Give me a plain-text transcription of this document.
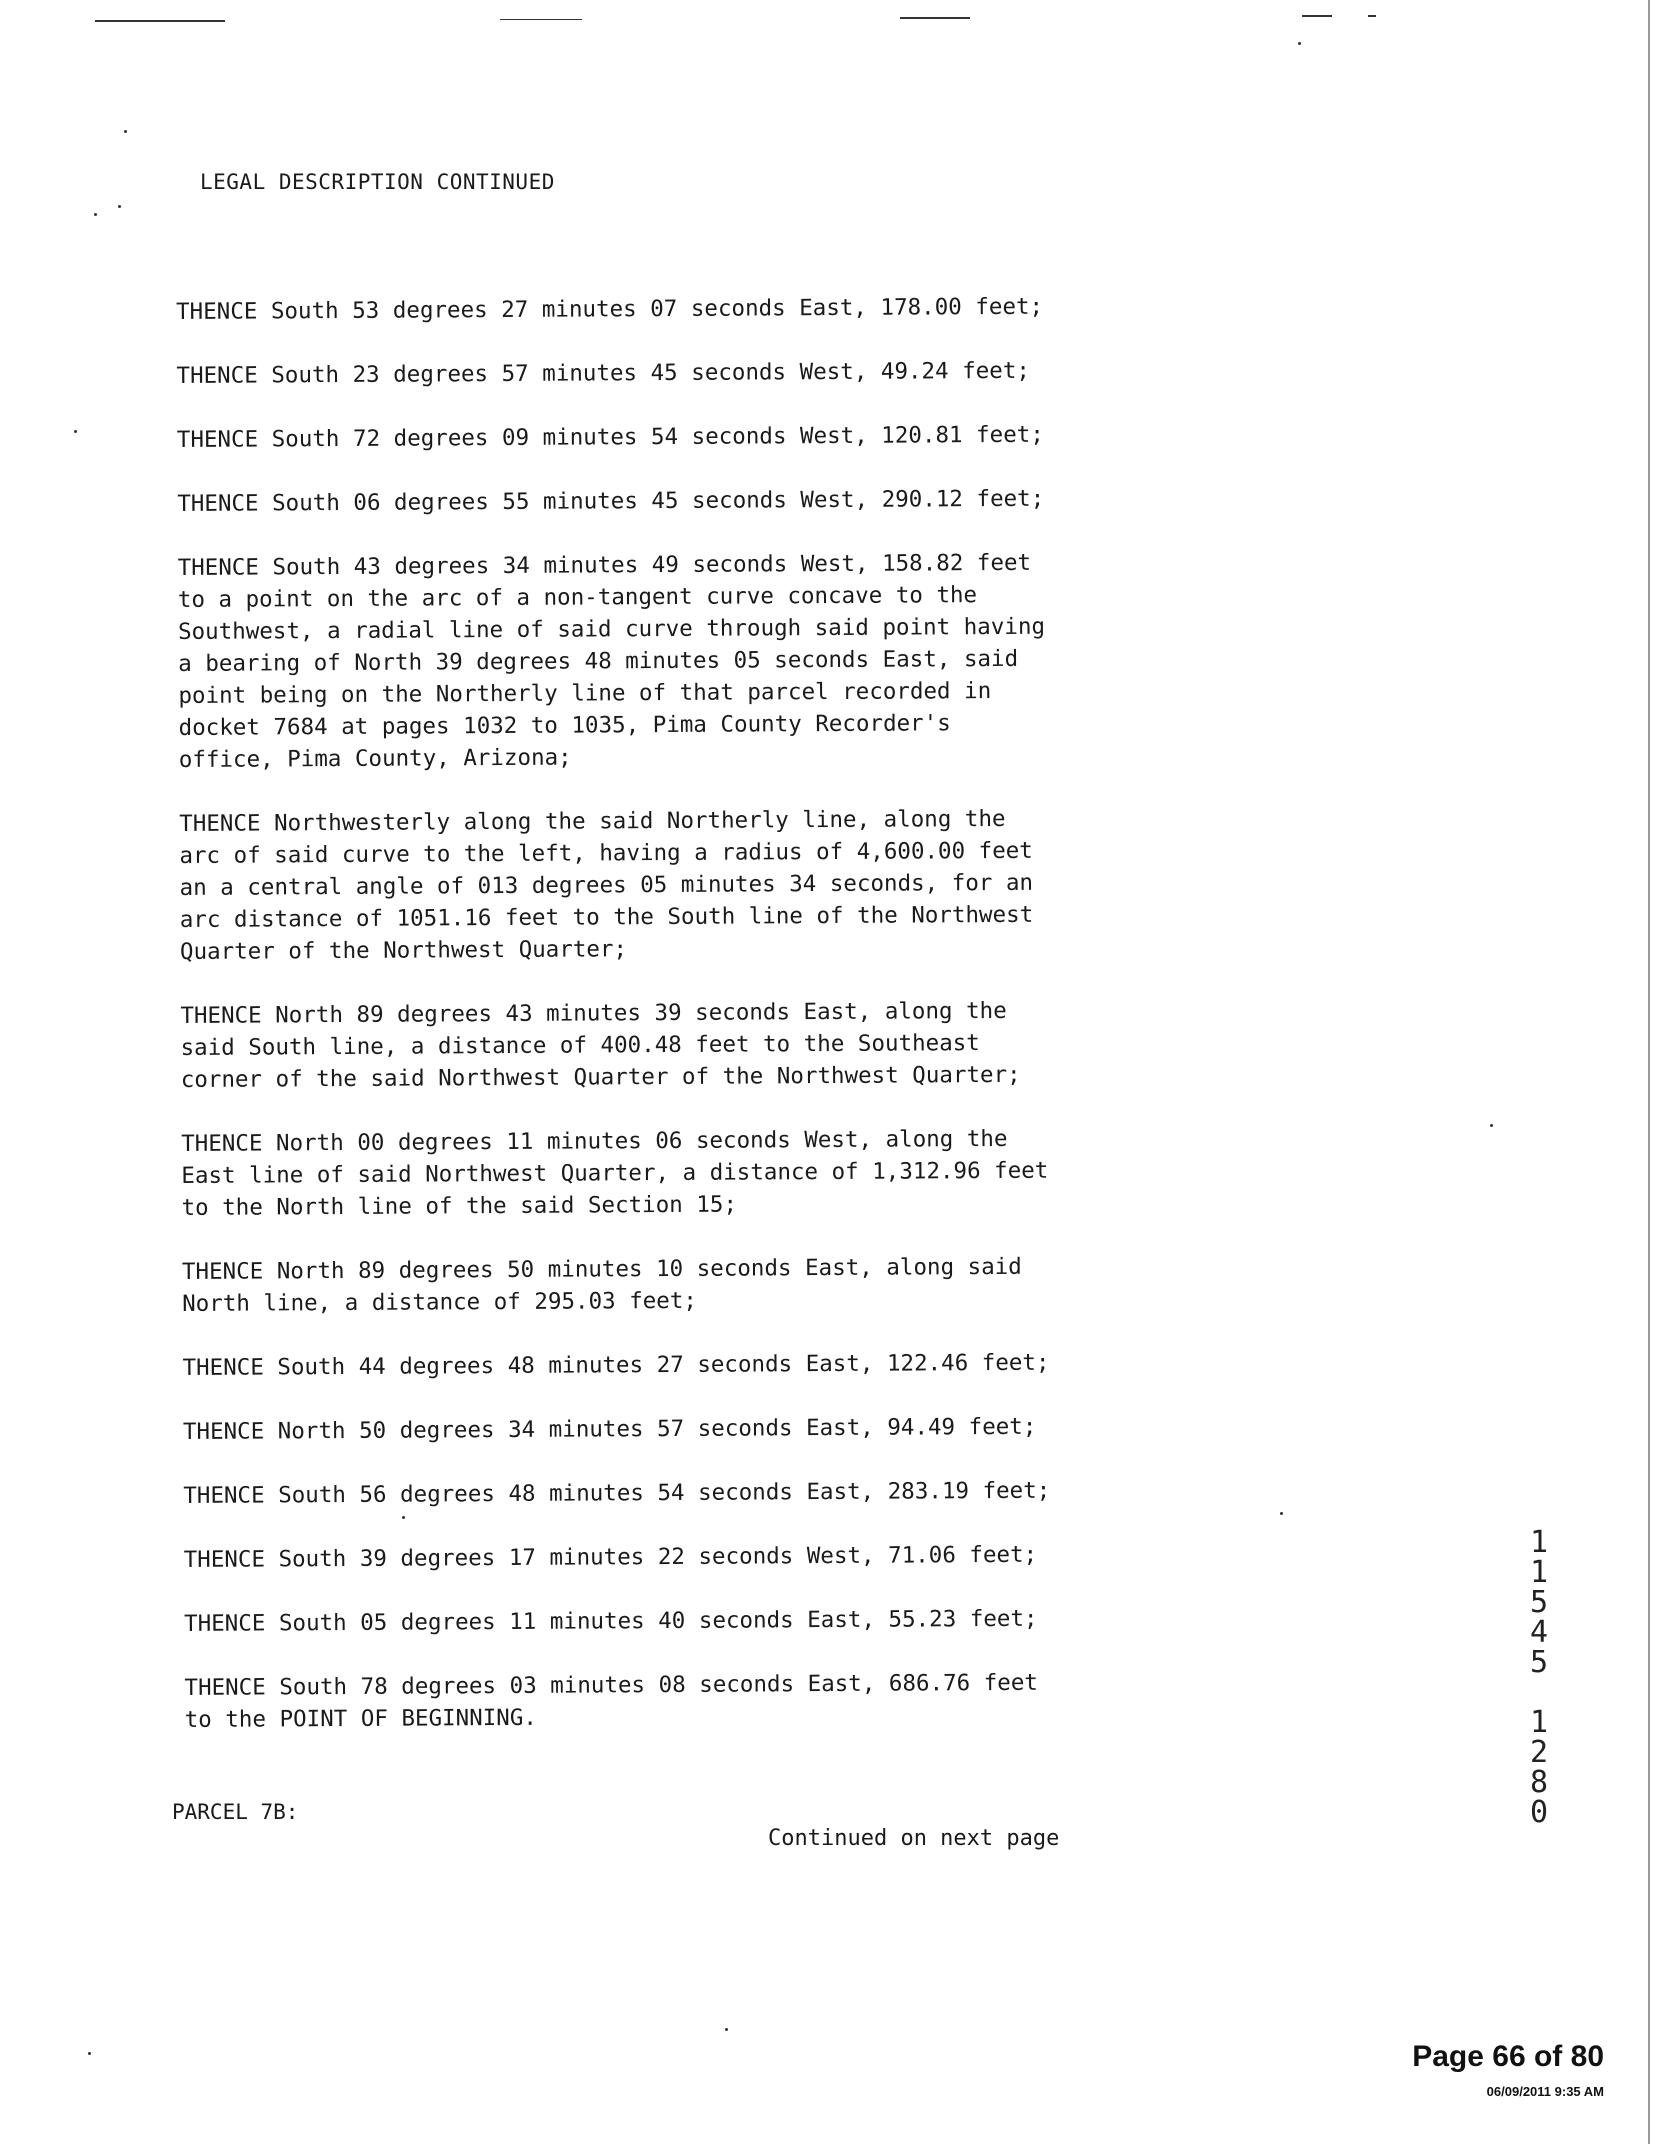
LEGAL DESCRIPTION CONTINUED

THENCE South 53 degrees 27 minutes 07 seconds East, 178.00 feet;

THENCE South 23 degrees 57 minutes 45 seconds West, 49.24 feet;

THENCE South 72 degrees 09 minutes 54 seconds West, 120.81 feet;

THENCE South 06 degrees 55 minutes 45 seconds West, 290.12 feet;

THENCE South 43 degrees 34 minutes 49 seconds West, 158.82 feet
to a point on the arc of a non-tangent curve concave to the
Southwest, a radial line of said curve through said point having
a bearing of North 39 degrees 48 minutes 05 seconds East, said
point being on the Northerly line of that parcel recorded in
docket 7684 at pages 1032 to 1035, Pima County Recorder's
office, Pima County, Arizona;

THENCE Northwesterly along the said Northerly line, along the
arc of said curve to the left, having a radius of 4,600.00 feet
an a central angle of 013 degrees 05 minutes 34 seconds, for an
arc distance of 1051.16 feet to the South line of the Northwest
Quarter of the Northwest Quarter;

THENCE North 89 degrees 43 minutes 39 seconds East, along the
said South line, a distance of 400.48 feet to the Southeast
corner of the said Northwest Quarter of the Northwest Quarter;

THENCE North 00 degrees 11 minutes 06 seconds West, along the
East line of said Northwest Quarter, a distance of 1,312.96 feet
to the North line of the said Section 15;

THENCE North 89 degrees 50 minutes 10 seconds East, along said
North line, a distance of 295.03 feet;

THENCE South 44 degrees 48 minutes 27 seconds East, 122.46 feet;

THENCE North 50 degrees 34 minutes 57 seconds East, 94.49 feet;

THENCE South 56 degrees 48 minutes 54 seconds East, 283.19 feet;

THENCE South 39 degrees 17 minutes 22 seconds West, 71.06 feet;

THENCE South 05 degrees 11 minutes 40 seconds East, 55.23 feet;

THENCE South 78 degrees 03 minutes 08 seconds East, 686.76 feet
to the POINT OF BEGINNING.

PARCEL 7B:
Continued on next page
1
1
5
4
5

1
2
8
0
Page 66 of 80
06/09/2011 9:35 AM
